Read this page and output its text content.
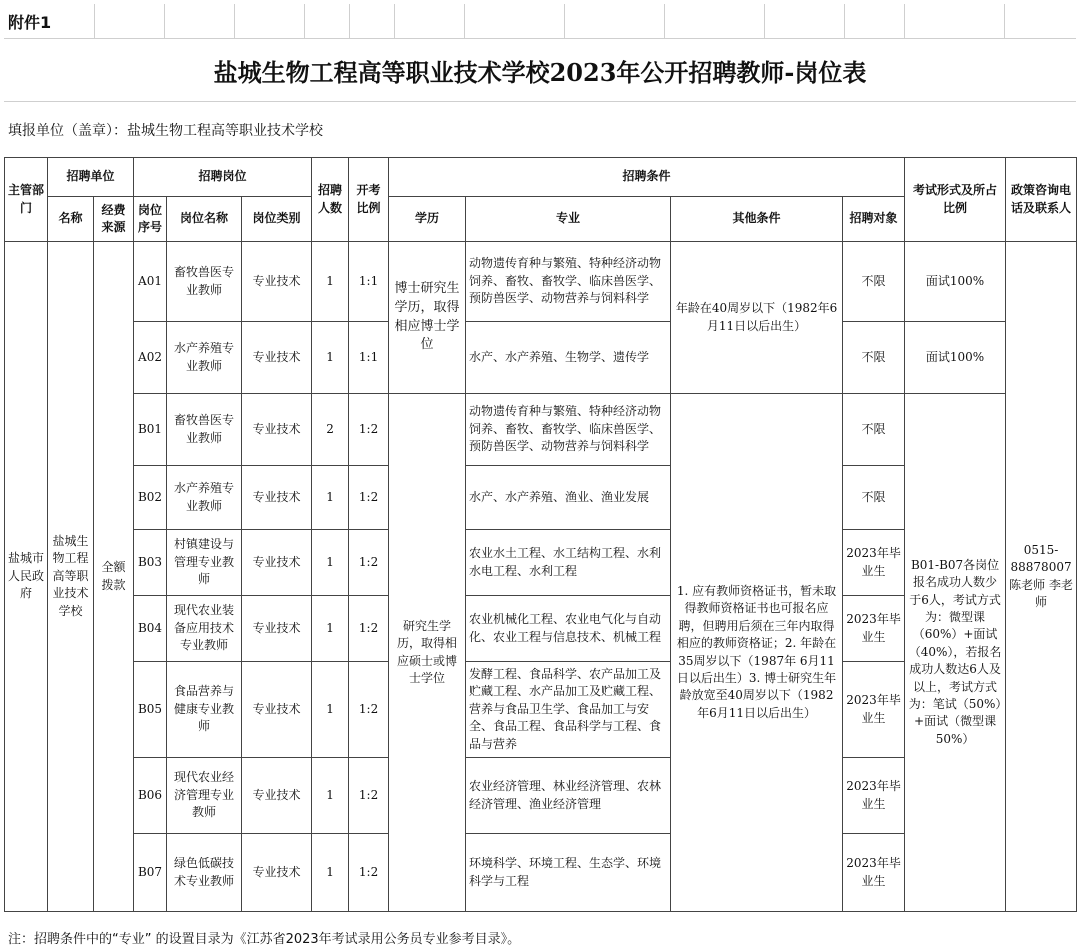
附件1
盐城生物工程高等职业技术学校2023年公开招聘教师-岗位表
填报单位（盖章）：盐城生物工程高等职业技术学校
主管部门	招聘单位		招聘岗位			招聘人数	开考比例	招聘条件				考试形式及所占比例	政策咨询电话及联系人
	名称	经费来源	岗位序号	岗位名称	岗位类别			学历	专业	其他条件	招聘对象		
盐城市人民政府	盐城生物工程高等职业技术学校	全额拨款	A01	畜牧兽医专业教师	专业技术	1	1:1	博士研究生学历，取得相应博士学位	动物遗传育种与繁殖、特种经济动物饲养、畜牧、畜牧学、临床兽医学、预防兽医学、动物营养与饲料科学	年龄在40周岁以下（1982年6月11日以后出生）	不限	面试100%	0515-88878007 陈老师 李老师
			A02	水产养殖专业教师	专业技术	1	1:1		水产、水产养殖、生物学、遗传学		不限	面试100%	
			B01	畜牧兽医专业教师	专业技术	2	1:2	研究生学历，取得相应硕士或博士学位	动物遗传育种与繁殖、特种经济动物饲养、畜牧、畜牧学、临床兽医学、预防兽医学、动物营养与饲料科学	1. 应有教师资格证书，暂未取得教师资格证书也可报名应聘，但聘用后须在三年内取得相应的教师资格证；2. 年龄在35周岁以下（1987年 6月11日以后出生）3. 博士研究生年龄放宽至40周岁以下（1982年6月11日以后出生）	不限	B01-B07各岗位报名成功人数少于6人，考试方式为：微型课（60%）+面试（40%），若报名成功人数达6人及以上，考试方式为：笔试（50%）+面试（微型课50%）	
			B02	水产养殖专业教师	专业技术	1	1:2		水产、水产养殖、渔业、渔业发展		不限		
			B03	村镇建设与管理专业教师	专业技术	1	1:2		农业水土工程、水工结构工程、水利水电工程、水利工程		2023年毕业生		
			B04	现代农业装备应用技术专业教师	专业技术	1	1:2		农业机械化工程、农业电气化与自动化、农业工程与信息技术、机械工程		2023年毕业生		
			B05	食品营养与健康专业教师	专业技术	1	1:2		发酵工程、食品科学、农产品加工及贮藏工程、水产品加工及贮藏工程、营养与食品卫生学、食品加工与安全、食品工程、食品科学与工程、食品与营养		2023年毕业生		
			B06	现代农业经济管理专业教师	专业技术	1	1:2		农业经济管理、林业经济管理、农林经济管理、渔业经济管理		2023年毕业生		
			B07	绿色低碳技术专业教师	专业技术	1	1:2		环境科学、环境工程、生态学、环境科学与工程		2023年毕业生		
注：招聘条件中的“专业” 的设置目录为《江苏省2023年考试录用公务员专业参考目录》。
